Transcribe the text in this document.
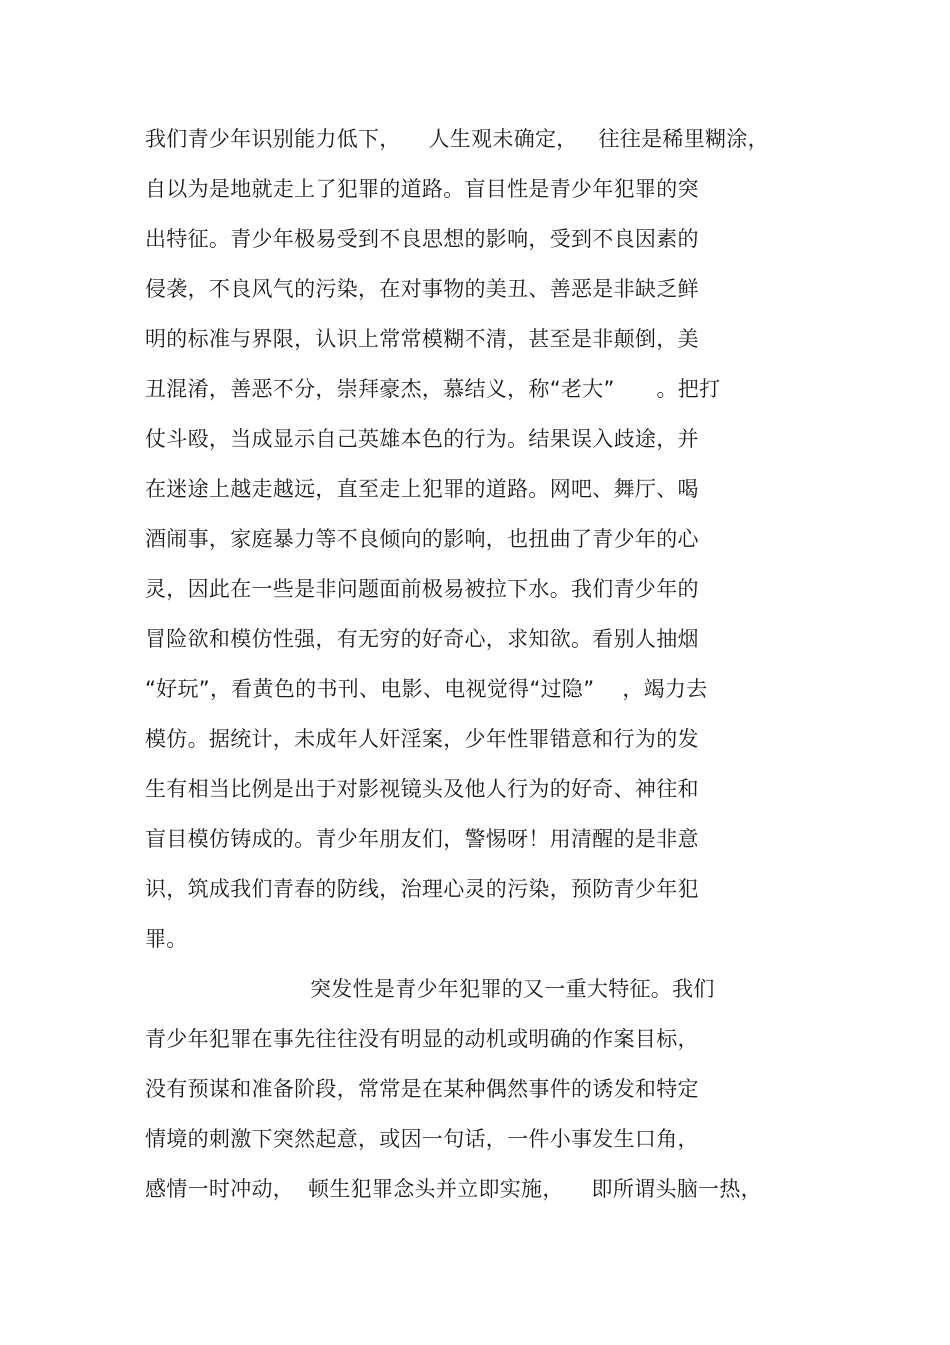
我们青少年识别能力低下，    人生观未确定，   往往是稀里糊涂，
自以为是地就走上了犯罪的道路。盲目性是青少年犯罪的突
出特征。青少年极易受到不良思想的影响，受到不良因素的
侵袭，不良风气的污染，在对事物的美丑、善恶是非缺乏鲜
明的标准与界限，认识上常常模糊不清，甚至是非颠倒，美
丑混淆，善恶不分，崇拜豪杰，慕结义，称“老大”      。把打
仗斗殴，当成显示自己英雄本色的行为。结果误入歧途，并
在迷途上越走越远，直至走上犯罪的道路。网吧、舞厅、喝
酒闹事，家庭暴力等不良倾向的影响，也扭曲了青少年的心
灵，因此在一些是非问题面前极易被拉下水。我们青少年的
冒险欲和模仿性强，有无穷的好奇心，求知欲。看别人抽烟
“好玩”，看黄色的书刊、电影、电视觉得“过隐”    ，竭力去
模仿。据统计，未成年人奸淫案，少年性罪错意和行为的发
生有相当比例是出于对影视镜头及他人行为的好奇、神往和
盲目模仿铸成的。青少年朋友们，警惕呀！用清醒的是非意
识，筑成我们青春的防线，治理心灵的污染，预防青少年犯
罪。
突发性是青少年犯罪的又一重大特征。我们
青少年犯罪在事先往往没有明显的动机或明确的作案目标，
没有预谋和准备阶段，常常是在某种偶然事件的诱发和特定
情境的刺激下突然起意，或因一句话，一件小事发生口角，
感情一时冲动，  顿生犯罪念头并立即实施，    即所谓头脑一热，
